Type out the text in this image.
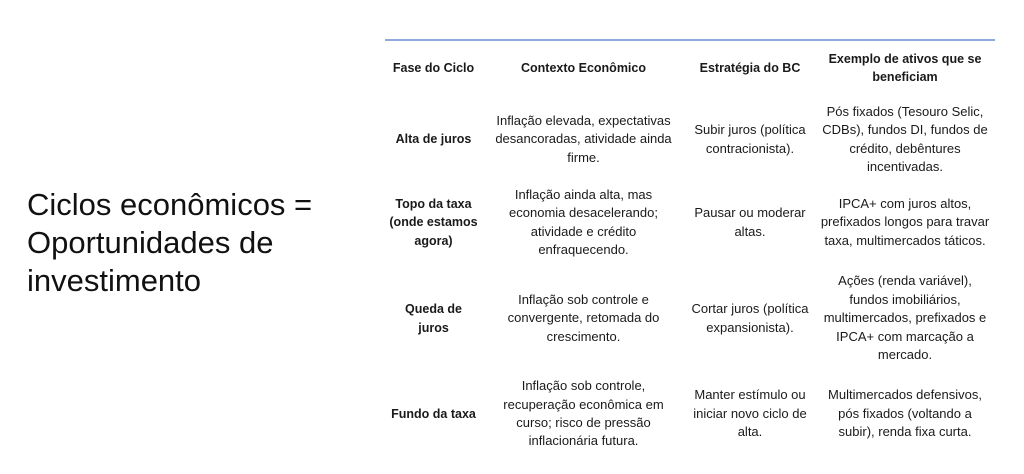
Ciclos econômicos =
Oportunidades de
investimento
Fase do Ciclo	Contexto Econômico	Estratégia do BC
Exemplo de ativos que se
beneficiam
Alta de juros
Inflação elevada, expectativas
desancoradas, atividade ainda
firme.
Subir juros (política
contracionista).
Pós fixados (Tesouro Selic,
CDBs), fundos DI, fundos de
crédito, debêntures
incentivadas.
Topo da taxa
(onde estamos
agora)
Inflação ainda alta, mas
economia desacelerando;
atividade e crédito
enfraquecendo.
Pausar ou moderar
altas.
IPCA+ com juros altos,
prefixados longos para travar
taxa, multimercados táticos.
Queda de
juros
Inflação sob controle e
convergente, retomada do
crescimento.
Cortar juros (política
expansionista).
Ações (renda variável),
fundos imobiliários,
multimercados, prefixados e
IPCA+ com marcação a
mercado.
Fundo da taxa
Inflação sob controle,
recuperação econômica em
curso; risco de pressão
inflacionária futura.
Manter estímulo ou
iniciar novo ciclo de
alta.
Multimercados defensivos,
pós fixados (voltando a
subir), renda fixa curta.
